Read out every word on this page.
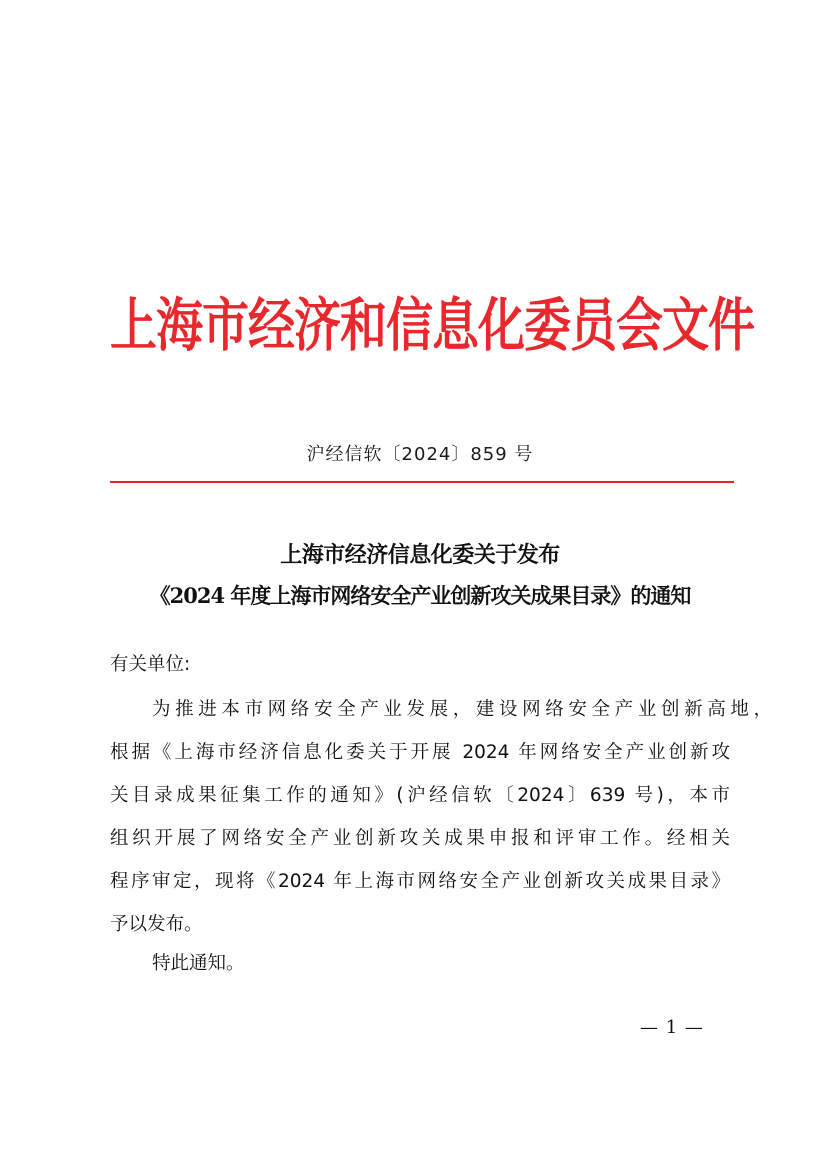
上海市经济和信息化委员会文件
沪经信软〔2024〕859 号
上海市经济信息化委关于发布
《2024 年度上海市网络安全产业创新攻关成果目录》的通知
有关单位:
为推进本市网络安全产业发展，建设网络安全产业创新高地，
根据《上海市经济信息化委关于开展 2024 年网络安全产业创新攻
关目录成果征集工作的通知》(沪经信软〔2024〕639 号)，本市
组织开展了网络安全产业创新攻关成果申报和评审工作。经相关
程序审定，现将《2024 年上海市网络安全产业创新攻关成果目录》
予以发布。
特此通知。
— 1 —
